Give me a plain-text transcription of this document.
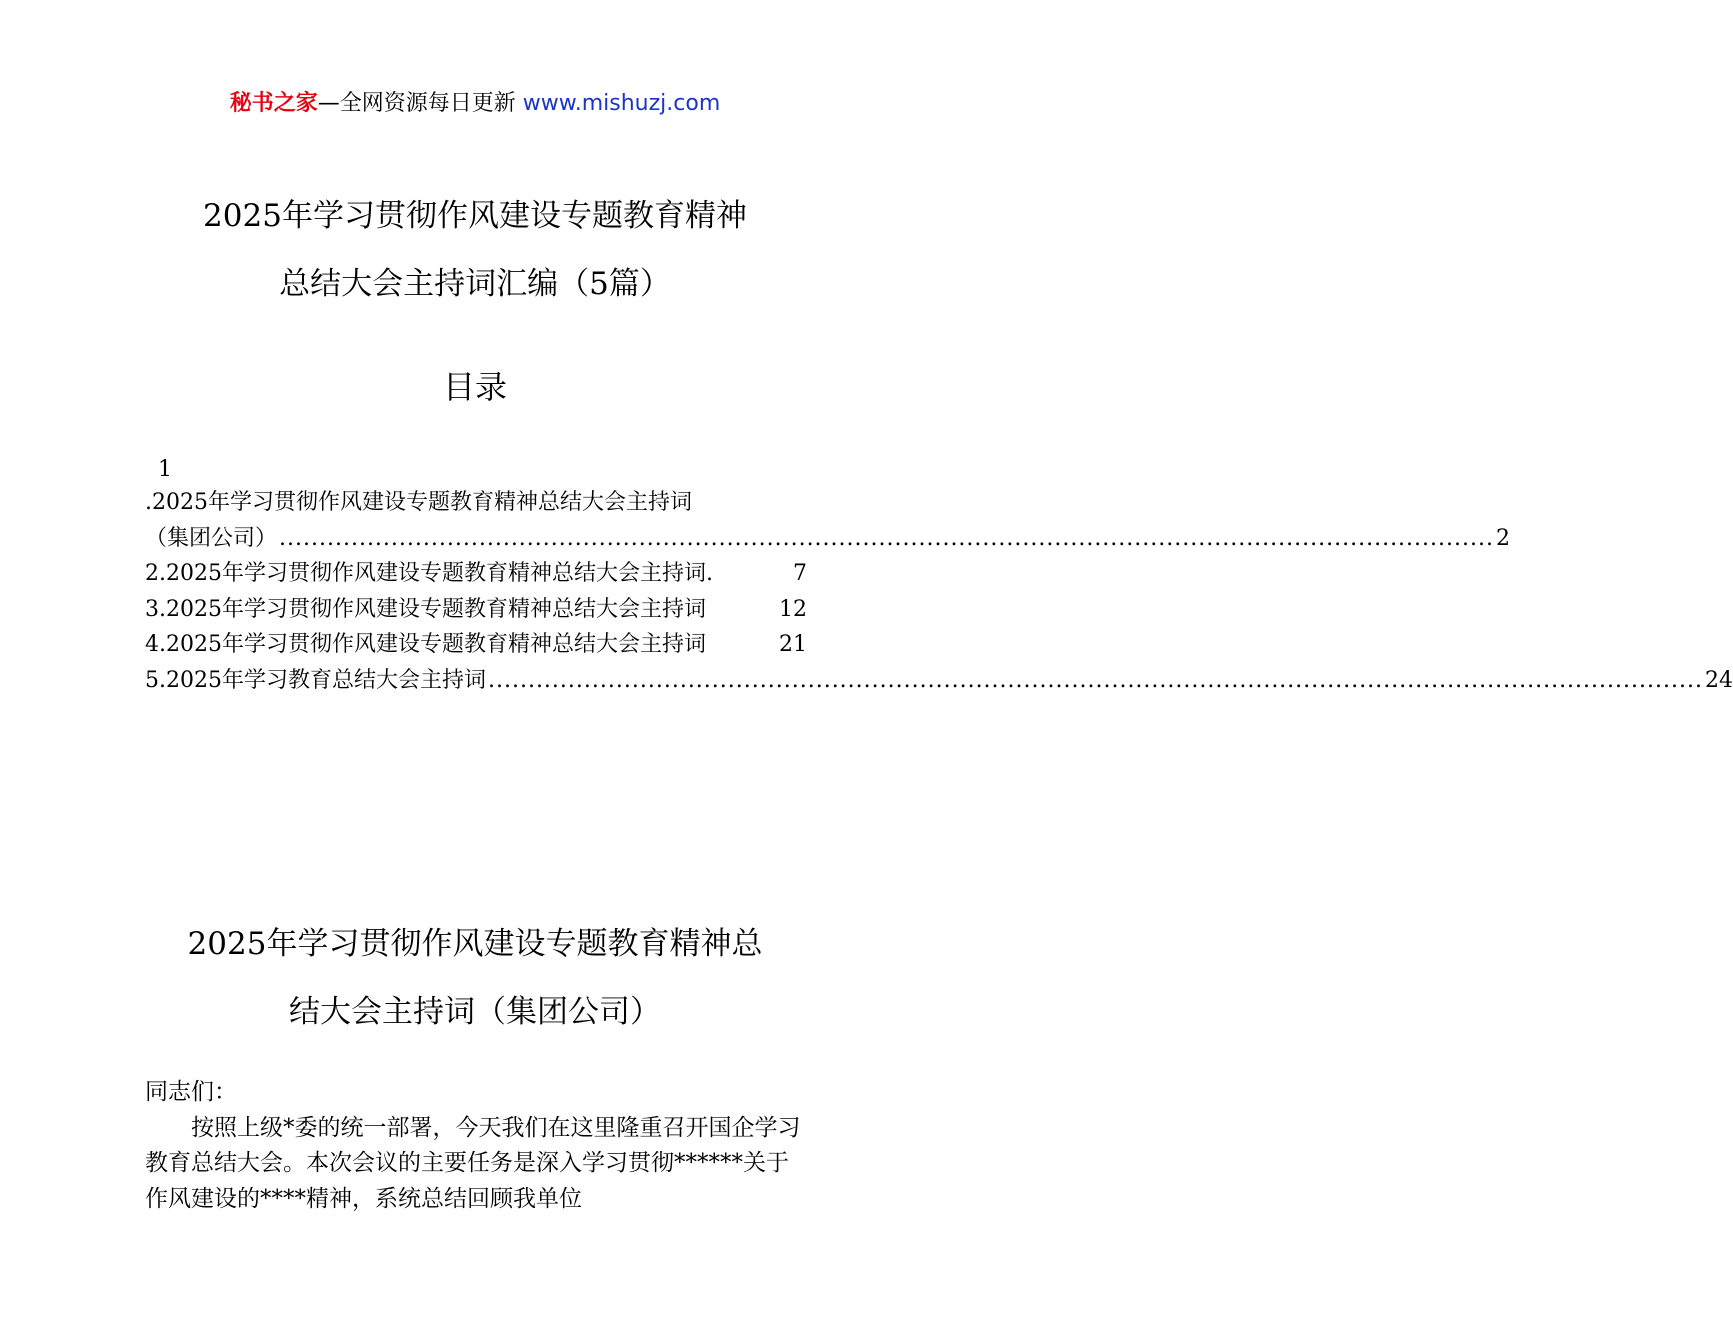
秘书之家—全网资源每日更新 www.mishuzj.com
2025年学习贯彻作风建设专题教育精神
总结大会主持词汇编（5篇）
目录
1
.2025年学习贯彻作风建设专题教育精神总结大会主持词
（集团公司） ........................................................................................................................................................ 2
2.2025年学习贯彻作风建设专题教育精神总结大会主持词.	7
3.2025年学习贯彻作风建设专题教育精神总结大会主持词	12
4.2025年学习贯彻作风建设专题教育精神总结大会主持词	21
5.2025年学习教育总结大会主持词 ........................................................................................................................................................ 24
2025年学习贯彻作风建设专题教育精神总
结大会主持词（集团公司）

同志们：

按照上级*委的统一部署，今天我们在这里隆重召开国企学习教育总结大会。本次会议的主要任务是深入学习贯彻******关于作风建设的****精神，系统总结回顾我单位
